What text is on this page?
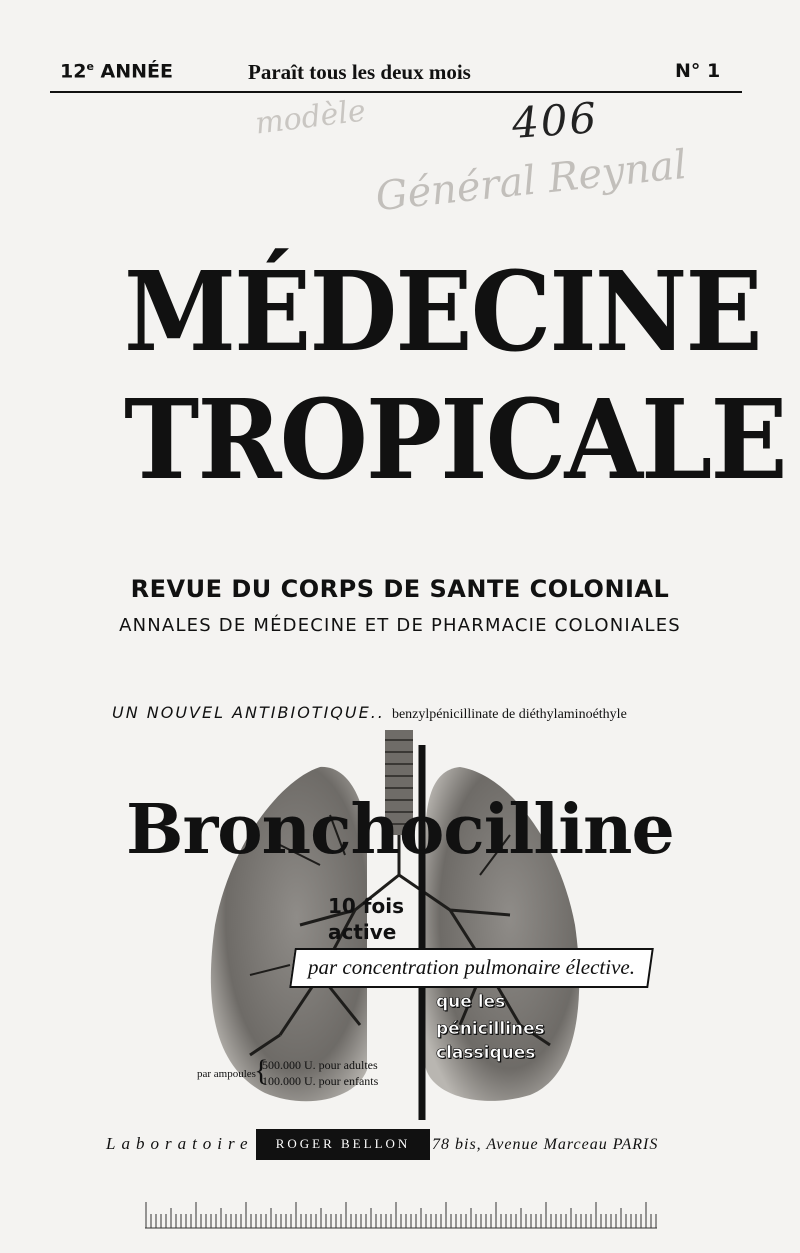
12e ANNÉE	Paraît tous les deux mois	N° 1
modèle	406
Général Reynal
MÉDECINE
TROPICALE
REVUE DU CORPS DE SANTE COLONIAL
ANNALES DE MÉDECINE ET DE PHARMACIE COLONIALES
UN NOUVEL ANTIBIOTIQUE.. benzylpénicillinate de diéthylaminoéthyle
Bronchocilline
10 fois
active
par concentration pulmonaire élective.
que les
pénicillines
classiques
par ampoules
{
500.000 U. pour adultes
100.000 U. pour enfants
Laboratoire	ROGER BELLON	78 bis, Avenue Marceau PARIS
